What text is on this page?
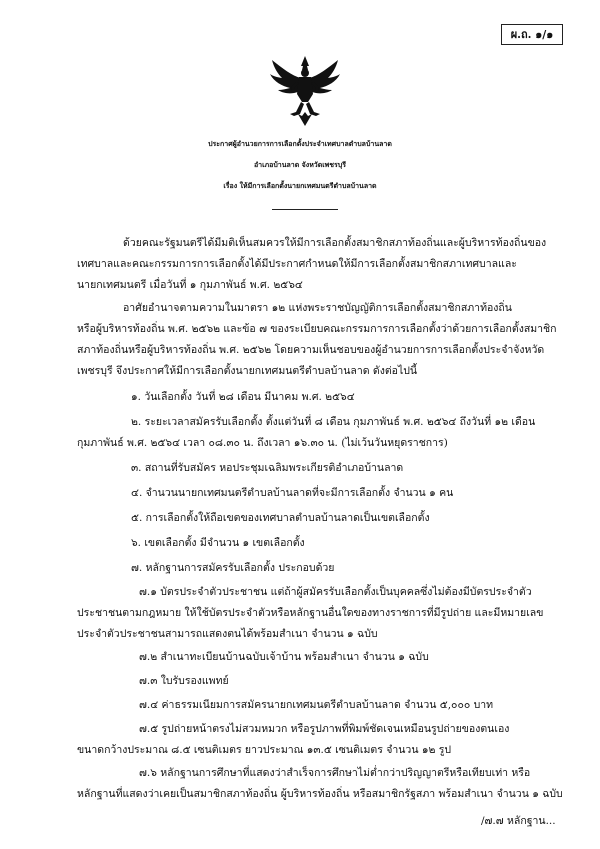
ผ.ถ. ๑/๑
ประกาศผู้อำนวยการการเลือกตั้งประจำเทศบาลตำบลบ้านลาด
อำเภอบ้านลาด จังหวัดเพชรบุรี
เรื่อง ให้มีการเลือกตั้งนายกเทศมนตรีตำบลบ้านลาด
ด้วยคณะรัฐมนตรีได้มีมติเห็นสมควรให้มีการเลือกตั้งสมาชิกสภาท้องถิ่นและผู้บริหารท้องถิ่นของ
เทศบาลและคณะกรรมการการเลือกตั้งได้มีประกาศกำหนดให้มีการเลือกตั้งสมาชิกสภาเทศบาลและ
นายกเทศมนตรี เมื่อวันที่ ๑ กุมภาพันธ์ พ.ศ. ๒๕๖๔
อาศัยอำนาจตามความในมาตรา ๑๒ แห่งพระราชบัญญัติการเลือกตั้งสมาชิกสภาท้องถิ่น
หรือผู้บริหารท้องถิ่น พ.ศ. ๒๕๖๒ และข้อ ๗ ของระเบียบคณะกรรมการการเลือกตั้งว่าด้วยการเลือกตั้งสมาชิก
สภาท้องถิ่นหรือผู้บริหารท้องถิ่น พ.ศ. ๒๕๖๒ โดยความเห็นชอบของผู้อำนวยการการเลือกตั้งประจำจังหวัด
เพชรบุรี จึงประกาศให้มีการเลือกตั้งนายกเทศมนตรีตำบลบ้านลาด ดังต่อไปนี้
๑. วันเลือกตั้ง วันที่ ๒๘ เดือน มีนาคม พ.ศ. ๒๕๖๔
๒. ระยะเวลาสมัครรับเลือกตั้ง ตั้งแต่วันที่ ๘ เดือน กุมภาพันธ์ พ.ศ. ๒๕๖๔ ถึงวันที่ ๑๒ เดือน
กุมภาพันธ์ พ.ศ. ๒๕๖๔ เวลา ๐๘.๓๐ น. ถึงเวลา ๑๖.๓๐ น. (ไม่เว้นวันหยุดราชการ)
๓. สถานที่รับสมัคร หอประชุมเฉลิมพระเกียรติอำเภอบ้านลาด
๔. จำนวนนายกเทศมนตรีตำบลบ้านลาดที่จะมีการเลือกตั้ง จำนวน ๑ คน
๕. การเลือกตั้งให้ถือเขตของเทศบาลตำบลบ้านลาดเป็นเขตเลือกตั้ง
๖. เขตเลือกตั้ง มีจำนวน ๑ เขตเลือกตั้ง
๗. หลักฐานการสมัครรับเลือกตั้ง ประกอบด้วย
๗.๑ บัตรประจำตัวประชาชน แต่ถ้าผู้สมัครรับเลือกตั้งเป็นบุคคลซึ่งไม่ต้องมีบัตรประจำตัว
ประชาชนตามกฎหมาย ให้ใช้บัตรประจำตัวหรือหลักฐานอื่นใดของทางราชการที่มีรูปถ่าย และมีหมายเลข
ประจำตัวประชาชนสามารถแสดงตนได้พร้อมสำเนา จำนวน ๑ ฉบับ
๗.๒ สำเนาทะเบียนบ้านฉบับเจ้าบ้าน พร้อมสำเนา จำนวน ๑ ฉบับ
๗.๓ ใบรับรองแพทย์
๗.๔ ค่าธรรมเนียมการสมัครนายกเทศมนตรีตำบลบ้านลาด จำนวน ๕,๐๐๐ บาท
๗.๕ รูปถ่ายหน้าตรงไม่สวมหมวก หรือรูปภาพที่พิมพ์ชัดเจนเหมือนรูปถ่ายของตนเอง
ขนาดกว้างประมาณ ๘.๕ เซนติเมตร ยาวประมาณ ๑๓.๕ เซนติเมตร จำนวน ๑๒ รูป
๗.๖ หลักฐานการศึกษาที่แสดงว่าสำเร็จการศึกษาไม่ต่ำกว่าปริญญาตรีหรือเทียบเท่า หรือ
หลักฐานที่แสดงว่าเคยเป็นสมาชิกสภาท้องถิ่น ผู้บริหารท้องถิ่น หรือสมาชิกรัฐสภา พร้อมสำเนา จำนวน ๑ ฉบับ
/๗.๗ หลักฐาน...
